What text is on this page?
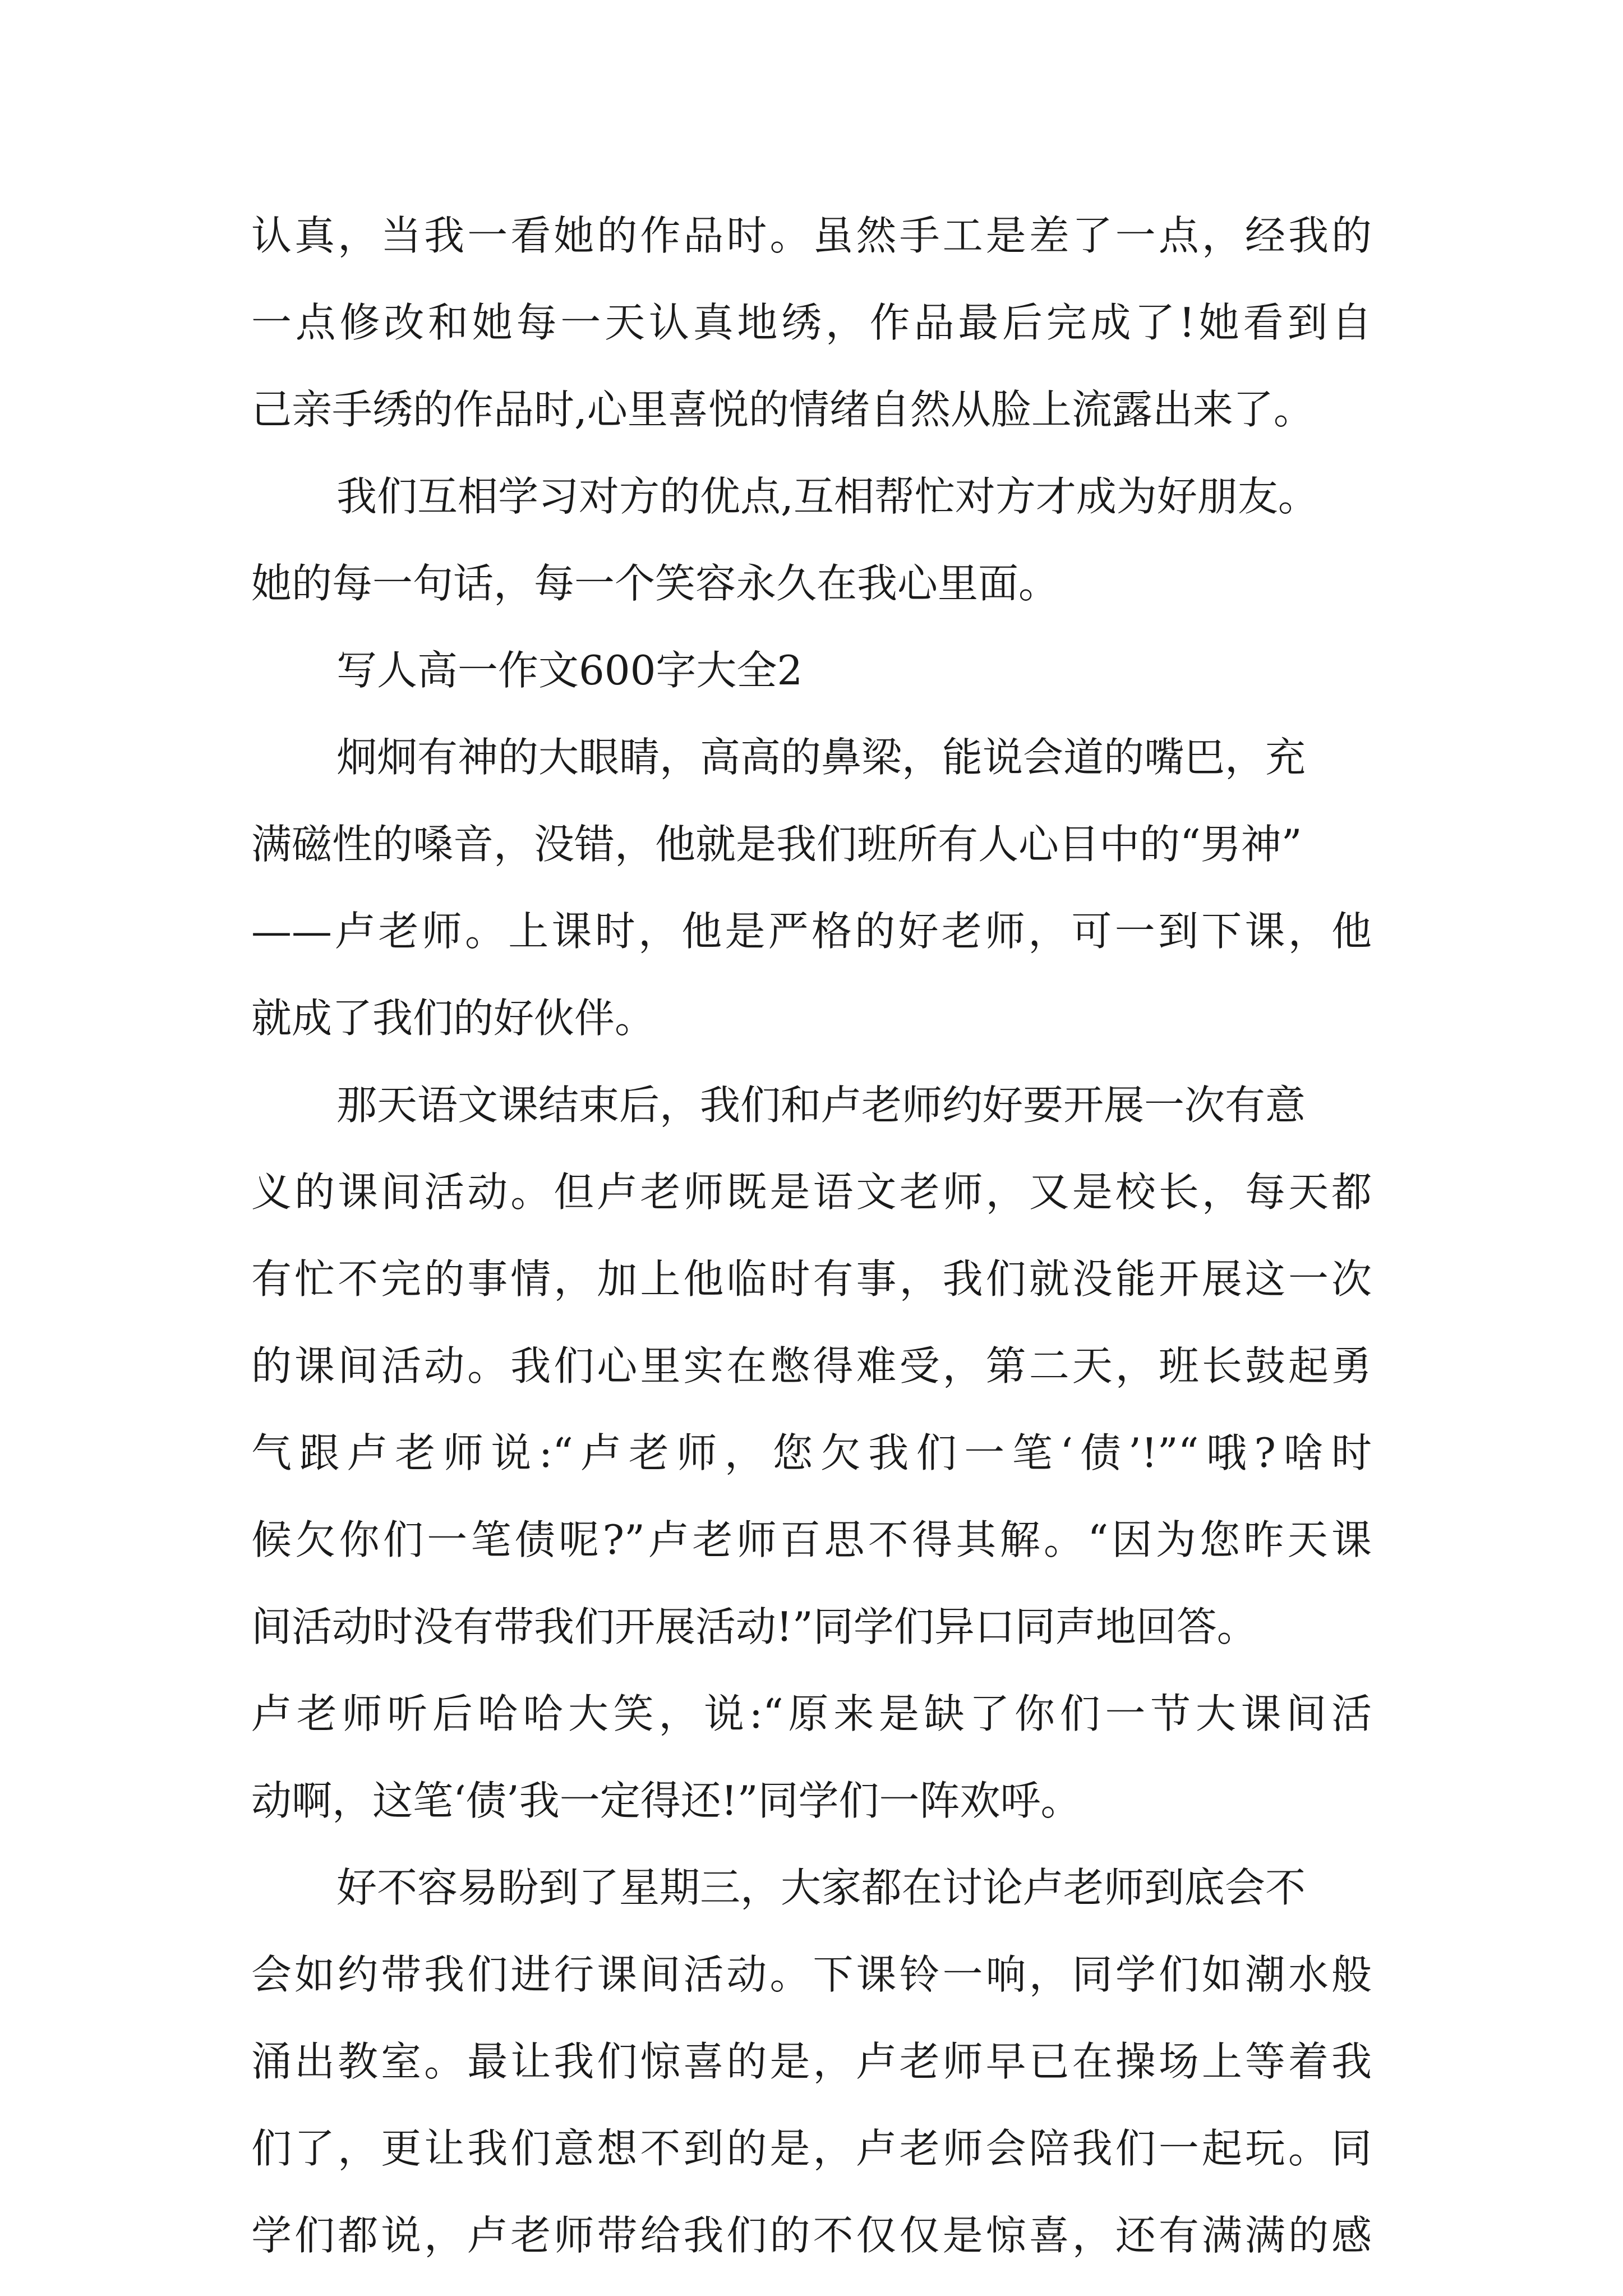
认真，当我一看她的作品时。虽然手工是差了一点，经我的

一点修改和她每一天认真地绣，作品最后完成了!她看到自

己亲手绣的作品时,心里喜悦的情绪自然从脸上流露出来了。

我们互相学习对方的优点,互相帮忙对方才成为好朋友。

她的每一句话，每一个笑容永久在我心里面。

写人高一作文600字大全2

炯炯有神的大眼睛，高高的鼻梁，能说会道的嘴巴，充

满磁性的嗓音，没错，他就是我们班所有人心目中的“男神”

——卢老师。上课时，他是严格的好老师，可一到下课，他

就成了我们的好伙伴。

那天语文课结束后，我们和卢老师约好要开展一次有意

义的课间活动。但卢老师既是语文老师，又是校长，每天都

有忙不完的事情，加上他临时有事，我们就没能开展这一次

的课间活动。我们心里实在憋得难受，第二天，班长鼓起勇

气跟卢老师说:“卢老师，您欠我们一笔‘债’!”“哦?啥时

候欠你们一笔债呢?”卢老师百思不得其解。“因为您昨天课

间活动时没有带我们开展活动!”同学们异口同声地回答。

卢老师听后哈哈大笑，说:“原来是缺了你们一节大课间活

动啊，这笔‘债’我一定得还!”同学们一阵欢呼。

好不容易盼到了星期三，大家都在讨论卢老师到底会不

会如约带我们进行课间活动。下课铃一响，同学们如潮水般

涌出教室。最让我们惊喜的是，卢老师早已在操场上等着我

们了，更让我们意想不到的是，卢老师会陪我们一起玩。同

学们都说，卢老师带给我们的不仅仅是惊喜，还有满满的感
